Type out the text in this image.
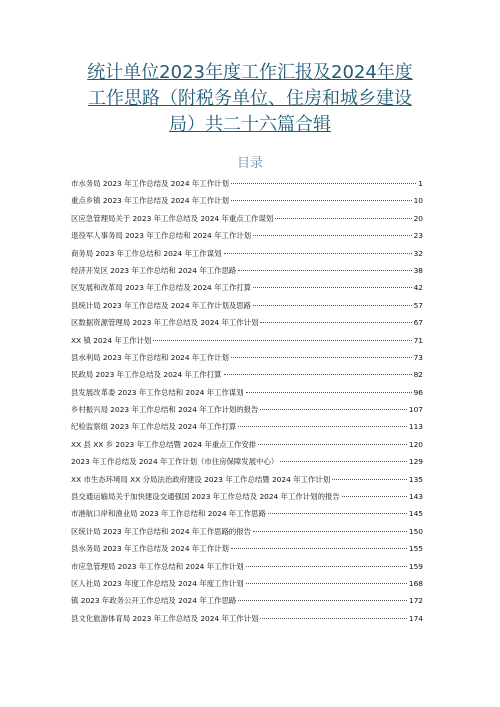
统计单位2023年度工作汇报及2024年度
工作思路（附税务单位、住房和城乡建设
局）共二十六篇合辑
目录
市水务局 2023 年工作总结及 2024 年工作计划	1
重点乡镇 2023 年工作总结及 2024 年工作计划	10
区应急管理局关于 2023 年工作总结及 2024 年重点工作谋划	20
退役军人事务局 2023 年工作总结和 2024 年工作计划	23
商务局 2023 年工作总结和 2024 年工作谋划	32
经济开发区 2023 年工作总结和 2024 年工作思路	38
区发展和改革局 2023 年工作总结及 2024 年工作打算	42
县统计局 2023 年工作总结及 2024 年工作计划及思路	57
区数据资源管理局 2023 年工作总结及 2024 年工作计划	67
XX 镇 2024 年工作计划	71
县水利局 2023 年工作总结和 2024 年工作计划	73
民政局 2023 年工作总结及 2024 年工作打算	82
县发展改革委 2023 年工作总结和 2024 年工作谋划	96
乡村振兴局 2023 年工作总结和 2024 年工作计划的报告	107
纪检监察组 2023 年工作总结及 2024 年工作打算	113
XX 县 XX 乡 2023 年工作总结暨 2024 年重点工作安排	120
2023 年工作总结及 2024 年工作计划（市住房保障发展中心）	129
XX 市生态环境局 XX 分局法治政府建设 2023 年工作总结暨 2024 年工作计划	135
县交通运输局关于加快建设交通强国 2023 年工作总结及 2024 年工作计划的报告	143
市港航口岸和渔业局 2023 年工作总结和 2024 年工作思路	145
区统计局 2023 年工作总结和 2024 年工作思路的报告	150
县水务局 2023 年工作总结及 2024 年工作计划	155
市应急管理局 2023 年工作总结和 2024 年工作计划	159
区人社局 2023 年度工作总结及 2024 年度工作计划	168
镇 2023 年政务公开工作总结及 2024 年工作思路	172
县文化旅游体育局 2023 年工作总结及 2024 年工作计划	174
